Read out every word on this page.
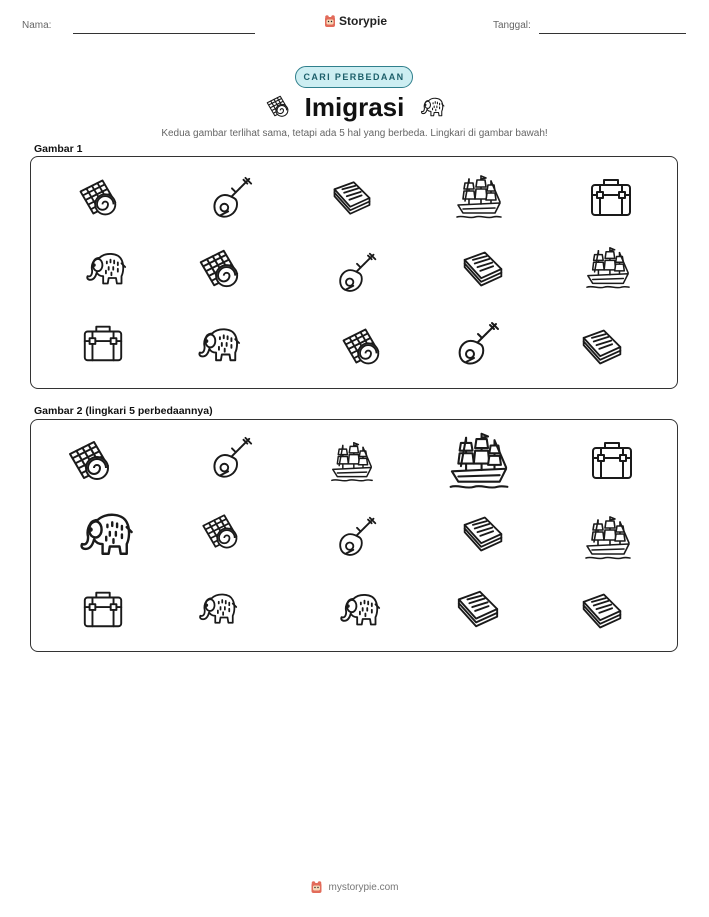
Nama:	Storypie	Tanggal:
CARI PERBEDAAN
Imigrasi
Kedua gambar terlihat sama, tetapi ada 5 hal yang berbeda. Lingkari di gambar bawah!
Gambar 1
Gambar 2 (lingkari 5 perbedaannya)
mystorypie.com
